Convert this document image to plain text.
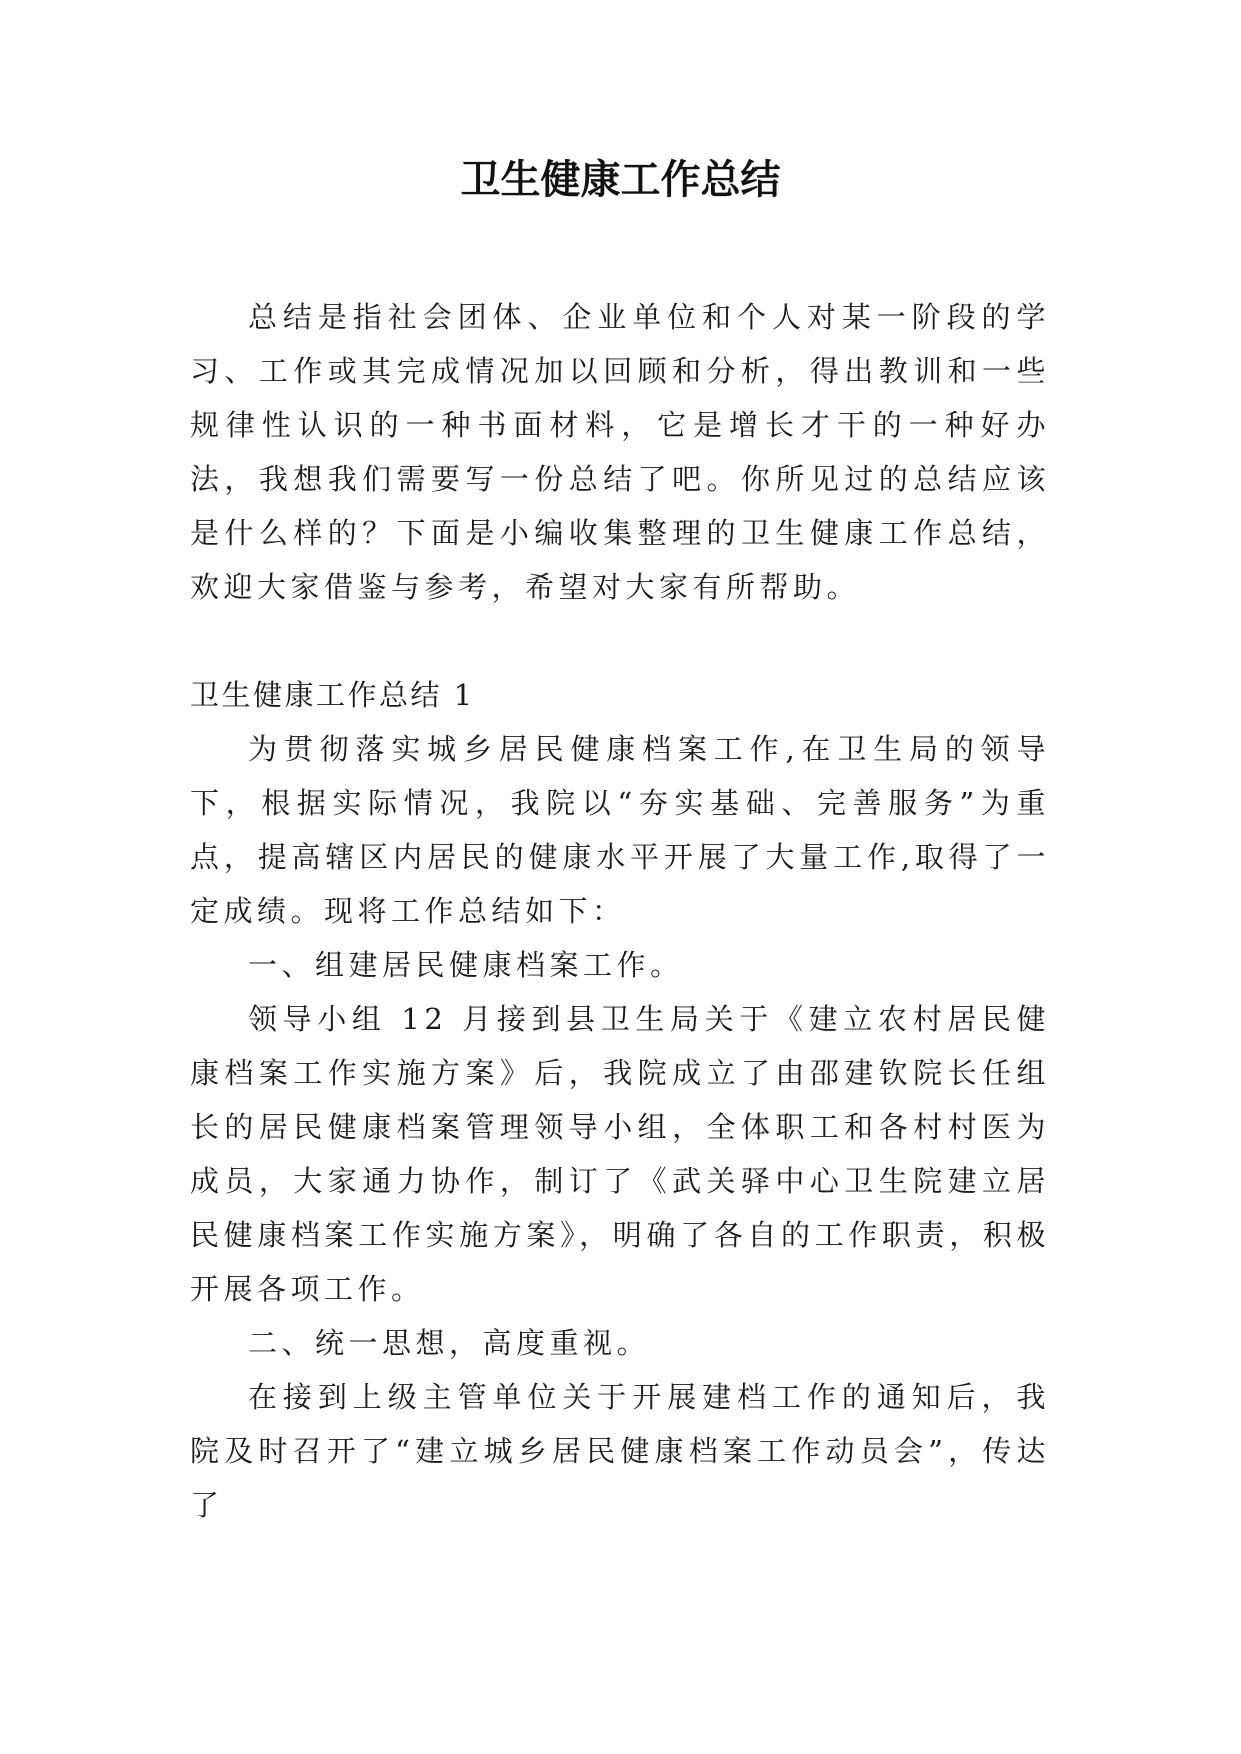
卫生健康工作总结

总结是指社会团体、企业单位和个人对某一阶段的学习、工作或其完成情况加以回顾和分析，得出教训和一些规律性认识的一种书面材料，它是增长才干的一种好办法，我想我们需要写一份总结了吧。你所见过的总结应该是什么样的？下面是小编收集整理的卫生健康工作总结，欢迎大家借鉴与参考，希望对大家有所帮助。

卫生健康工作总结 1

为贯彻落实城乡居民健康档案工作,在卫生局的领导下，根据实际情况，我院以“夯实基础、完善服务”为重点，提高辖区内居民的健康水平开展了大量工作,取得了一定成绩。现将工作总结如下：

一、组建居民健康档案工作。

领导小组 12 月接到县卫生局关于《建立农村居民健康档案工作实施方案》后，我院成立了由邵建钦院长任组长的居民健康档案管理领导小组，全体职工和各村村医为成员，大家通力协作，制订了《武关驿中心卫生院建立居民健康档案工作实施方案》，明确了各自的工作职责，积极开展各项工作。

二、统一思想，高度重视。

在接到上级主管单位关于开展建档工作的通知后，我院及时召开了“建立城乡居民健康档案工作动员会”，传达了
